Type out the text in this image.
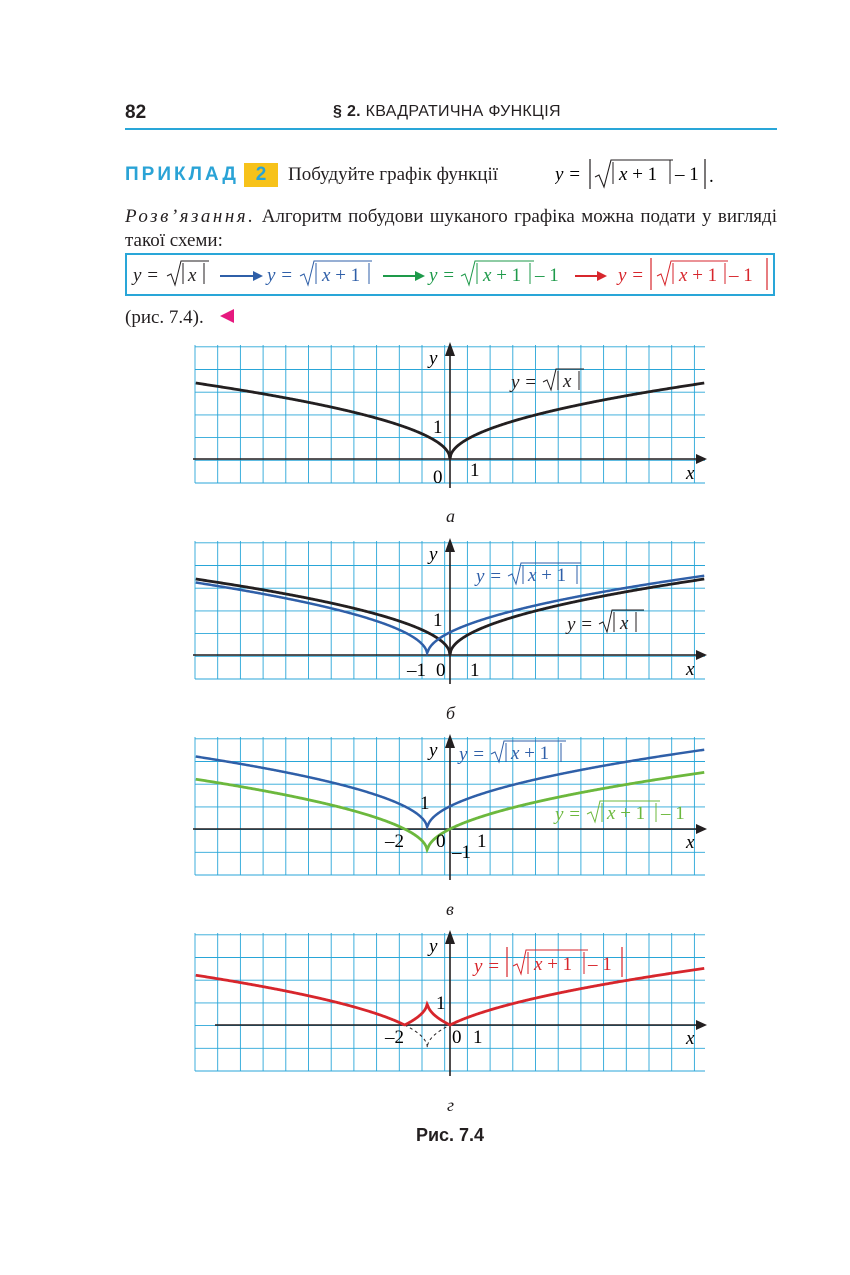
82	§ 2. КВАДРАТИЧНА ФУНКЦІЯ
ПРИКЛАД 2	Побудуйте графік функції	y = x + 1 – 1 .
Розв’язання. Алгоритм побудови шуканого графіка можна подати у вигляді такої схеми:
y = x	y = x + 1	y = x + 1 – 1	y = x + 1 – 1
(рис. 7.4).
y
x
1
0 1
y = x
а
y
x
1
–1 0 1
y = x + 1
y = x
б
y
x
1
–2 0
–1
1
y = x + 1
y = x + 1 – 1
в
y
x
1
–2	0 1
y = x + 1 – 1
г
Рис. 7.4
